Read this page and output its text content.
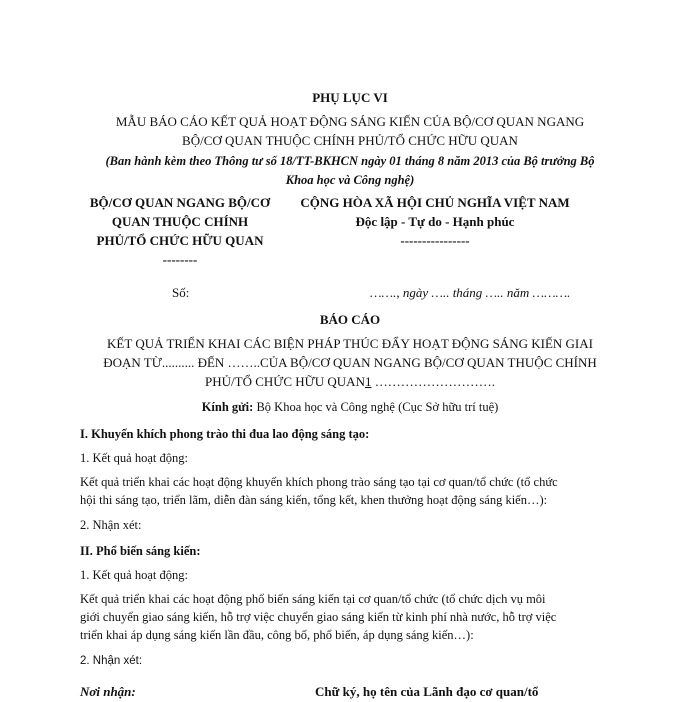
PHỤ LỤC VI
MẪU BÁO CÁO KẾT QUẢ HOẠT ĐỘNG SÁNG KIẾN CỦA BỘ/CƠ QUAN NGANG
BỘ/CƠ QUAN THUỘC CHÍNH PHỦ/TỔ CHỨC HỮU QUAN
(Ban hành kèm theo Thông tư số 18/TT-BKHCN ngày 01 tháng 8 năm 2013 của Bộ trưởng Bộ
Khoa học và Công nghệ)
BỘ/CƠ QUAN NGANG BỘ/CƠ
QUAN THUỘC CHÍNH
PHỦ/TỔ CHỨC HỮU QUAN
--------
CỘNG HÒA XÃ HỘI CHỦ NGHĨA VIỆT NAM
Độc lập - Tự do - Hạnh phúc
----------------
Số:	……., ngày ….. tháng ….. năm ……….
BÁO CÁO
KẾT QUẢ TRIỂN KHAI CÁC BIỆN PHÁP THÚC ĐẨY HOẠT ĐỘNG SÁNG KIẾN GIAI
ĐOẠN TỪ.......... ĐẾN ……..CỦA BỘ/CƠ QUAN NGANG BỘ/CƠ QUAN THUỘC CHÍNH
PHỦ/TỔ CHỨC HỮU QUAN1 ……………………….
Kính gửi: Bộ Khoa học và Công nghệ (Cục Sở hữu trí tuệ)
I. Khuyến khích phong trào thi đua lao động sáng tạo:
1. Kết quả hoạt động:
Kết quả triển khai các hoạt động khuyến khích phong trào sáng tạo tại cơ quan/tổ chức (tổ chức
hội thi sáng tạo, triển lãm, diễn đàn sáng kiến, tổng kết, khen thưởng hoạt động sáng kiến…):
2. Nhận xét:
II. Phổ biến sáng kiến:
1. Kết quả hoạt động:
Kết quả triển khai các hoạt động phổ biến sáng kiến tại cơ quan/tổ chức (tổ chức dịch vụ môi
giới chuyển giao sáng kiến, hỗ trợ việc chuyển giao sáng kiến từ kinh phí nhà nước, hỗ trợ việc
triển khai áp dụng sáng kiến lần đầu, công bố, phổ biến, áp dụng sáng kiến…):
2. Nhận xét:
Nơi nhận:	Chữ ký, họ tên của Lãnh đạo cơ quan/tổ
